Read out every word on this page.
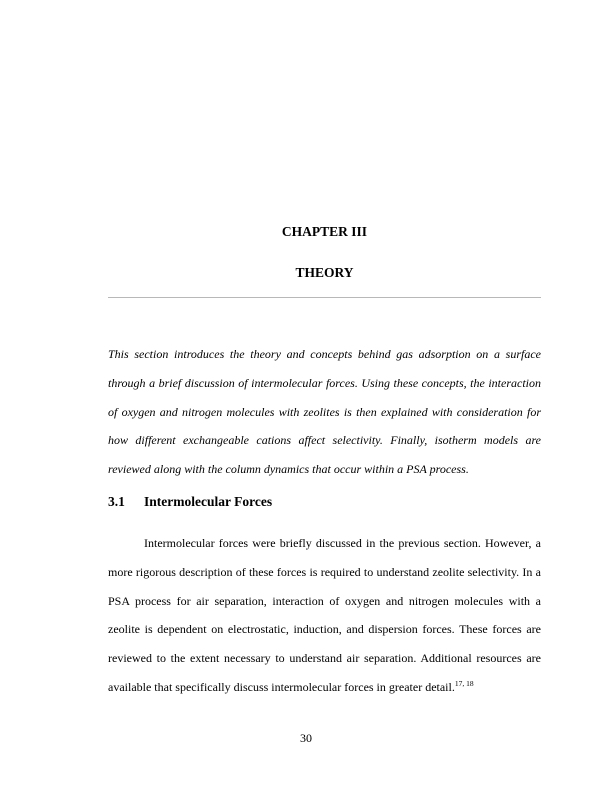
CHAPTER III
THEORY

This section introduces the theory and concepts behind gas adsorption on a surface through a brief discussion of intermolecular forces. Using these concepts, the interaction of oxygen and nitrogen molecules with zeolites is then explained with consideration for how different exchangeable cations affect selectivity. Finally, isotherm models are reviewed along with the column dynamics that occur within a PSA process.

3.1 Intermolecular Forces

Intermolecular forces were briefly discussed in the previous section. However, a more rigorous description of these forces is required to understand zeolite selectivity. In a PSA process for air separation, interaction of oxygen and nitrogen molecules with a zeolite is dependent on electrostatic, induction, and dispersion forces. These forces are reviewed to the extent necessary to understand air separation. Additional resources are available that specifically discuss intermolecular forces in greater detail.$^{17, 18}$

30
